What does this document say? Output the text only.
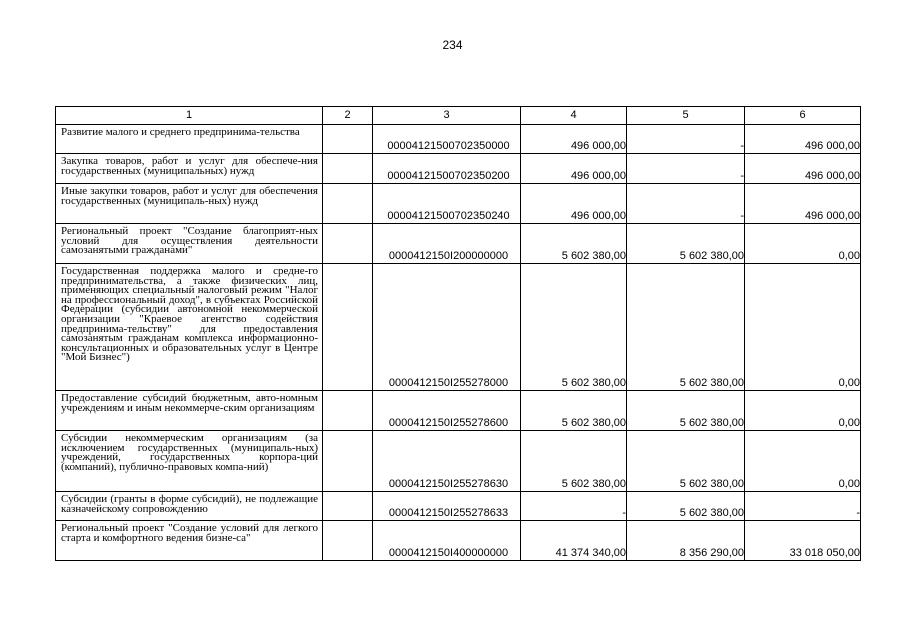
234
1	2	3	4	5	6
Развитие малого и среднего предпринима-тельства		00004121500702350000	496 000,00	-	496 000,00
Закупка товаров, работ и услуг для обеспече-ния государственных (муниципальных) нужд		00004121500702350200	496 000,00	-	496 000,00
Иные закупки товаров, работ и услуг для обеспечения государственных (муниципаль-ных) нужд		00004121500702350240	496 000,00	-	496 000,00
Региональный проект "Создание благоприят-ных условий для осуществления деятельности самозанятыми гражданами"		0000412150I200000000	5 602 380,00	5 602 380,00	0,00
Государственная поддержка малого и средне-го предпринимательства, а также физических лиц, применяющих специальный налоговый режим "Налог на профессиональный доход", в субъектах Российской Федерации (субсидии автономной некоммерческой организации "Краевое агентство содействия предпринима-тельству" для предоставления самозанятым гражданам комплекса информационно-консультационных и образовательных услуг в Центре "Мой Бизнес")		0000412150I255278000	5 602 380,00	5 602 380,00	0,00
Предоставление субсидий бюджетным, авто-номным учреждениям и иным некоммерче-ским организациям		0000412150I255278600	5 602 380,00	5 602 380,00	0,00
Субсидии некоммерческим организациям (за исключением государственных (муниципаль-ных) учреждений, государственных корпора-ций (компаний), публично-правовых компа-ний)		0000412150I255278630	5 602 380,00	5 602 380,00	0,00
Субсидии (гранты в форме субсидий), не подлежащие казначейскому сопровождению		0000412150I255278633	-	5 602 380,00	-
Региональный проект "Создание условий для легкого старта и комфортного ведения бизне-са"		0000412150I400000000	41 374 340,00	8 356 290,00	33 018 050,00
